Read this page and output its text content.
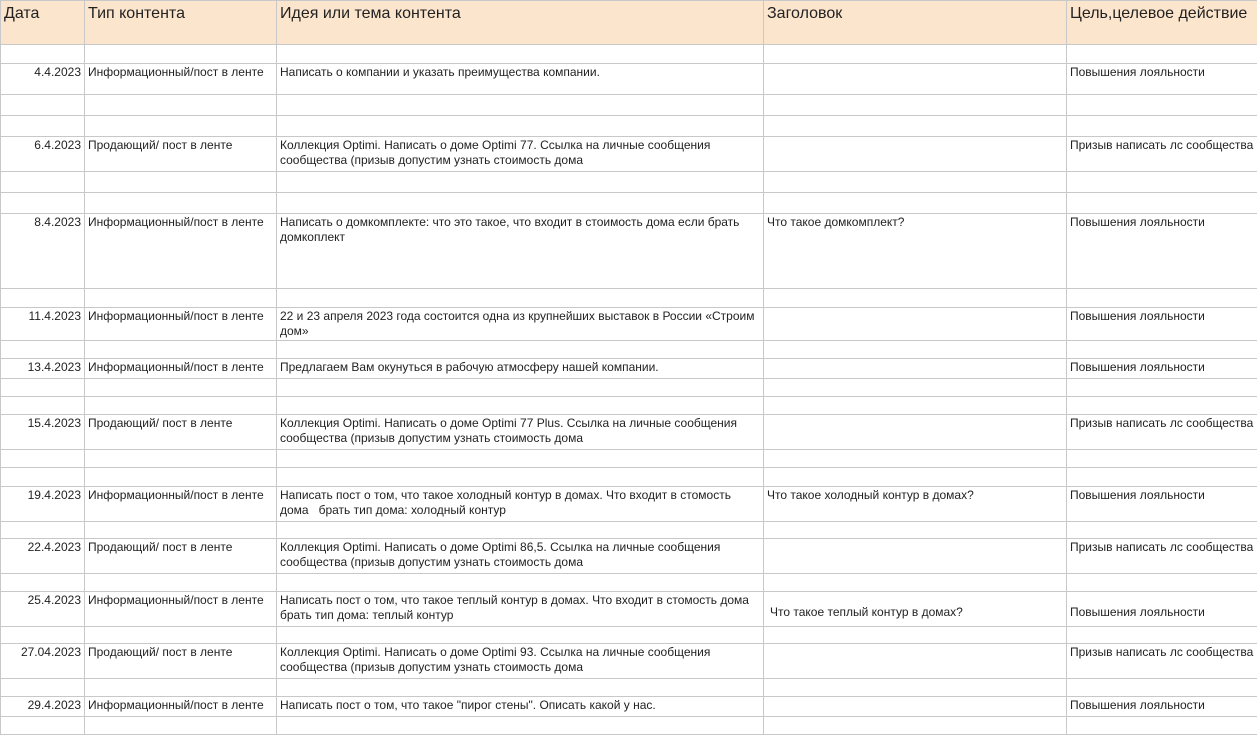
Дата	Тип контента	Идея или тема контента	Заголовок	Цель,целевое действие

4.4.2023	Информационный/пост в ленте	Написать о компании и указать преимущества компании.		Повышения лояльности

6.4.2023	Продающий/ пост в ленте	Коллекция Optimi. Написать о доме Optimi 77. Ссылка на личные сообщения
сообщества (призыв допустим узнать стоимость дома		Призыв написать лс сообщества

8.4.2023	Информационный/пост в ленте	Написать о домкомплекте: что это такое, что входит в стоимость дома если брать
домкоплект	Что такое домкомплект?	Повышения лояльности

11.4.2023	Информационный/пост в ленте	22 и 23 апреля 2023 года состоится одна из крупнейших выставок в России «Строим
дом»		Повышения лояльности

13.4.2023	Информационный/пост в ленте	Предлагаем Вам окунуться в рабочую атмосферу нашей компании.		Повышения лояльности

15.4.2023	Продающий/ пост в ленте	Коллекция Optimi. Написать о доме Optimi 77 Plus. Ссылка на личные сообщения
сообщества (призыв допустим узнать стоимость дома		Призыв написать лс сообщества

19.4.2023	Информационный/пост в ленте	Написать пост о том, что такое холодный контур в домах. Что входит в стомость
дома   брать тип дома: холодный контур	Что такое холодный контур в домах?	Повышения лояльности

22.4.2023	Продающий/ пост в ленте	Коллекция Optimi. Написать о доме Optimi 86,5. Ссылка на личные сообщения
сообщества (призыв допустим узнать стоимость дома		Призыв написать лс сообщества

25.4.2023	Информационный/пост в ленте	Написать пост о том, что такое теплый контур в домах. Что входит в стомость дома
брать тип дома: теплый контур	Что такое теплый контур в домах?	Повышения лояльности

27.04.2023	Продающий/ пост в ленте	Коллекция Optimi. Написать о доме Optimi 93. Ссылка на личные сообщения
сообщества (призыв допустим узнать стоимость дома		Призыв написать лс сообщества

29.4.2023	Информационный/пост в ленте	Написать пост о том, что такое "пирог стены". Описать какой у нас.		Повышения лояльности
